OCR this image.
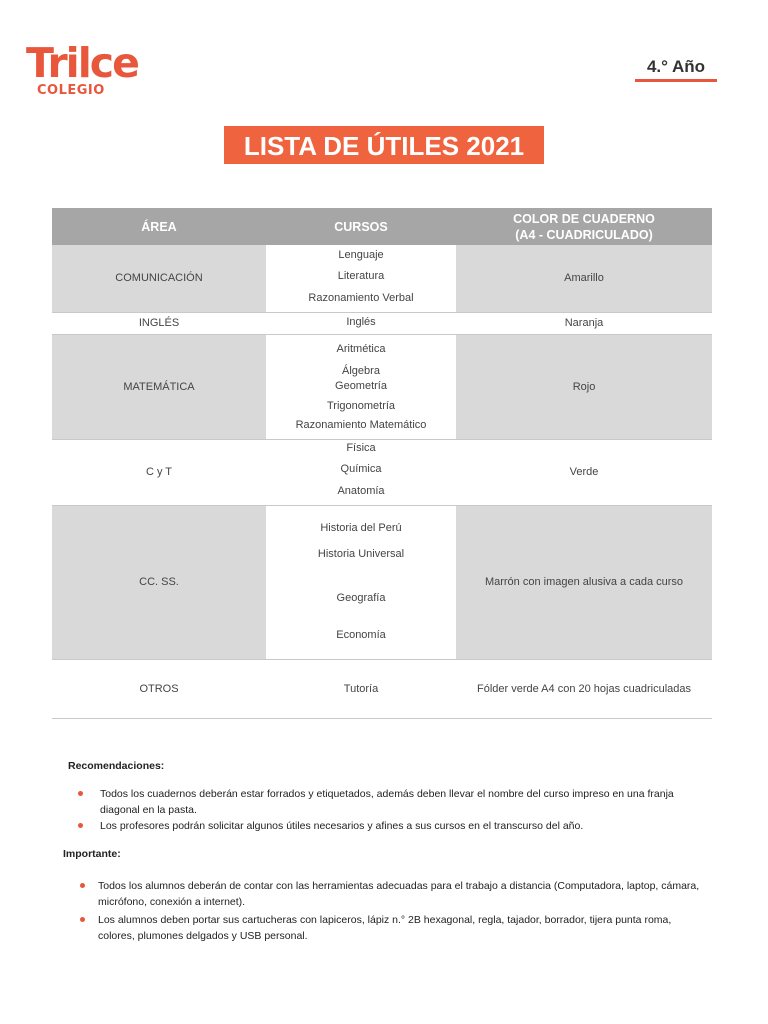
Trilce
COLEGIO
4.° Año
LISTA DE ÚTILES 2021
ÁREA	CURSOS	COLOR DE CUADERNO
(A4 - CUADRICULADO)

COMUNICACIÓN	Lenguaje
Literatura
Razonamiento Verbal	Amarillo
INGLÉS	Inglés	Naranja
MATEMÁTICA	Aritmética
Álgebra
Geometría
Trigonometría
Razonamiento Matemático	Rojo
C y T	Física
Química
Anatomía	Verde
CC. SS.	Historia del Perú
Historia Universal
Geografía
Economía	Marrón con imagen alusiva a cada curso
OTROS	Tutoría	Fólder verde A4 con 20 hojas cuadriculadas
Recomendaciones:
Todos los cuadernos deberán estar forrados y etiquetados, además deben llevar el nombre del curso impreso en una franja diagonal en la pasta.
Los profesores podrán solicitar algunos útiles necesarios y afines a sus cursos en el transcurso del año.
Importante:
Todos los alumnos deberán de contar con las herramientas adecuadas para el trabajo a distancia (Computadora, laptop, cámara, micrófono, conexión a internet).
Los alumnos deben portar sus cartucheras con lapiceros, lápiz n.° 2B hexagonal, regla, tajador, borrador, tijera punta roma, colores, plumones delgados y USB personal.
